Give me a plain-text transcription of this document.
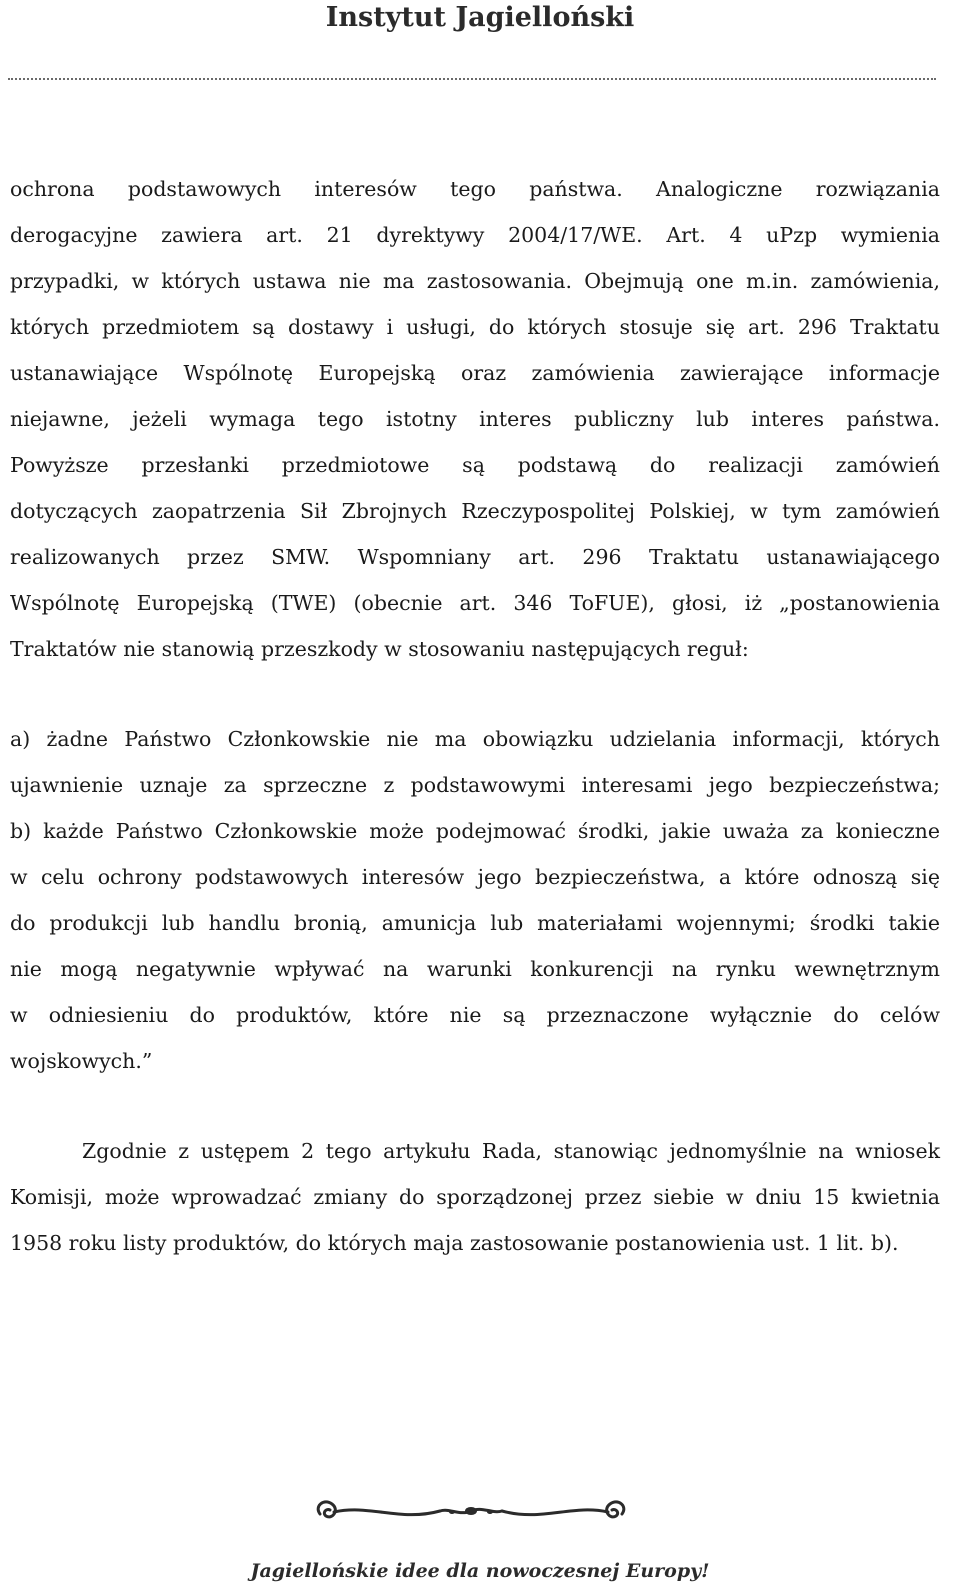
Instytut Jagielloński
ochrona podstawowych interesów tego państwa. Analogiczne rozwiązania
derogacyjne zawiera art. 21 dyrektywy 2004/17/WE. Art. 4 uPzp wymienia
przypadki, w których ustawa nie ma zastosowania. Obejmują one m.in. zamówienia,
których przedmiotem są dostawy i usługi, do których stosuje się art. 296 Traktatu
ustanawiające Wspólnotę Europejską oraz zamówienia zawierające informacje
niejawne, jeżeli wymaga tego istotny interes publiczny lub interes państwa.
Powyższe przesłanki przedmiotowe są podstawą do realizacji zamówień
dotyczących zaopatrzenia Sił Zbrojnych Rzeczypospolitej Polskiej, w tym zamówień
realizowanych przez SMW. Wspomniany art. 296 Traktatu ustanawiającego
Wspólnotę Europejską (TWE) (obecnie art. 346 ToFUE), głosi, iż „postanowienia
Traktatów nie stanowią przeszkody w stosowaniu następujących reguł:
a) żadne Państwo Członkowskie nie ma obowiązku udzielania informacji, których
ujawnienie uznaje za sprzeczne z podstawowymi interesami jego bezpieczeństwa;
b) każde Państwo Członkowskie może podejmować środki, jakie uważa za konieczne
w celu ochrony podstawowych interesów jego bezpieczeństwa, a które odnoszą się
do produkcji lub handlu bronią, amunicja lub materiałami wojennymi; środki takie
nie mogą negatywnie wpływać na warunki konkurencji na rynku wewnętrznym
w odniesieniu do produktów, które nie są przeznaczone wyłącznie do celów
wojskowych.”
Zgodnie z ustępem 2 tego artykułu Rada, stanowiąc jednomyślnie na wniosek
Komisji, może wprowadzać zmiany do sporządzonej przez siebie w dniu 15 kwietnia
1958 roku listy produktów, do których maja zastosowanie postanowienia ust. 1 lit. b).
Jagiellońskie idee dla nowoczesnej Europy!
